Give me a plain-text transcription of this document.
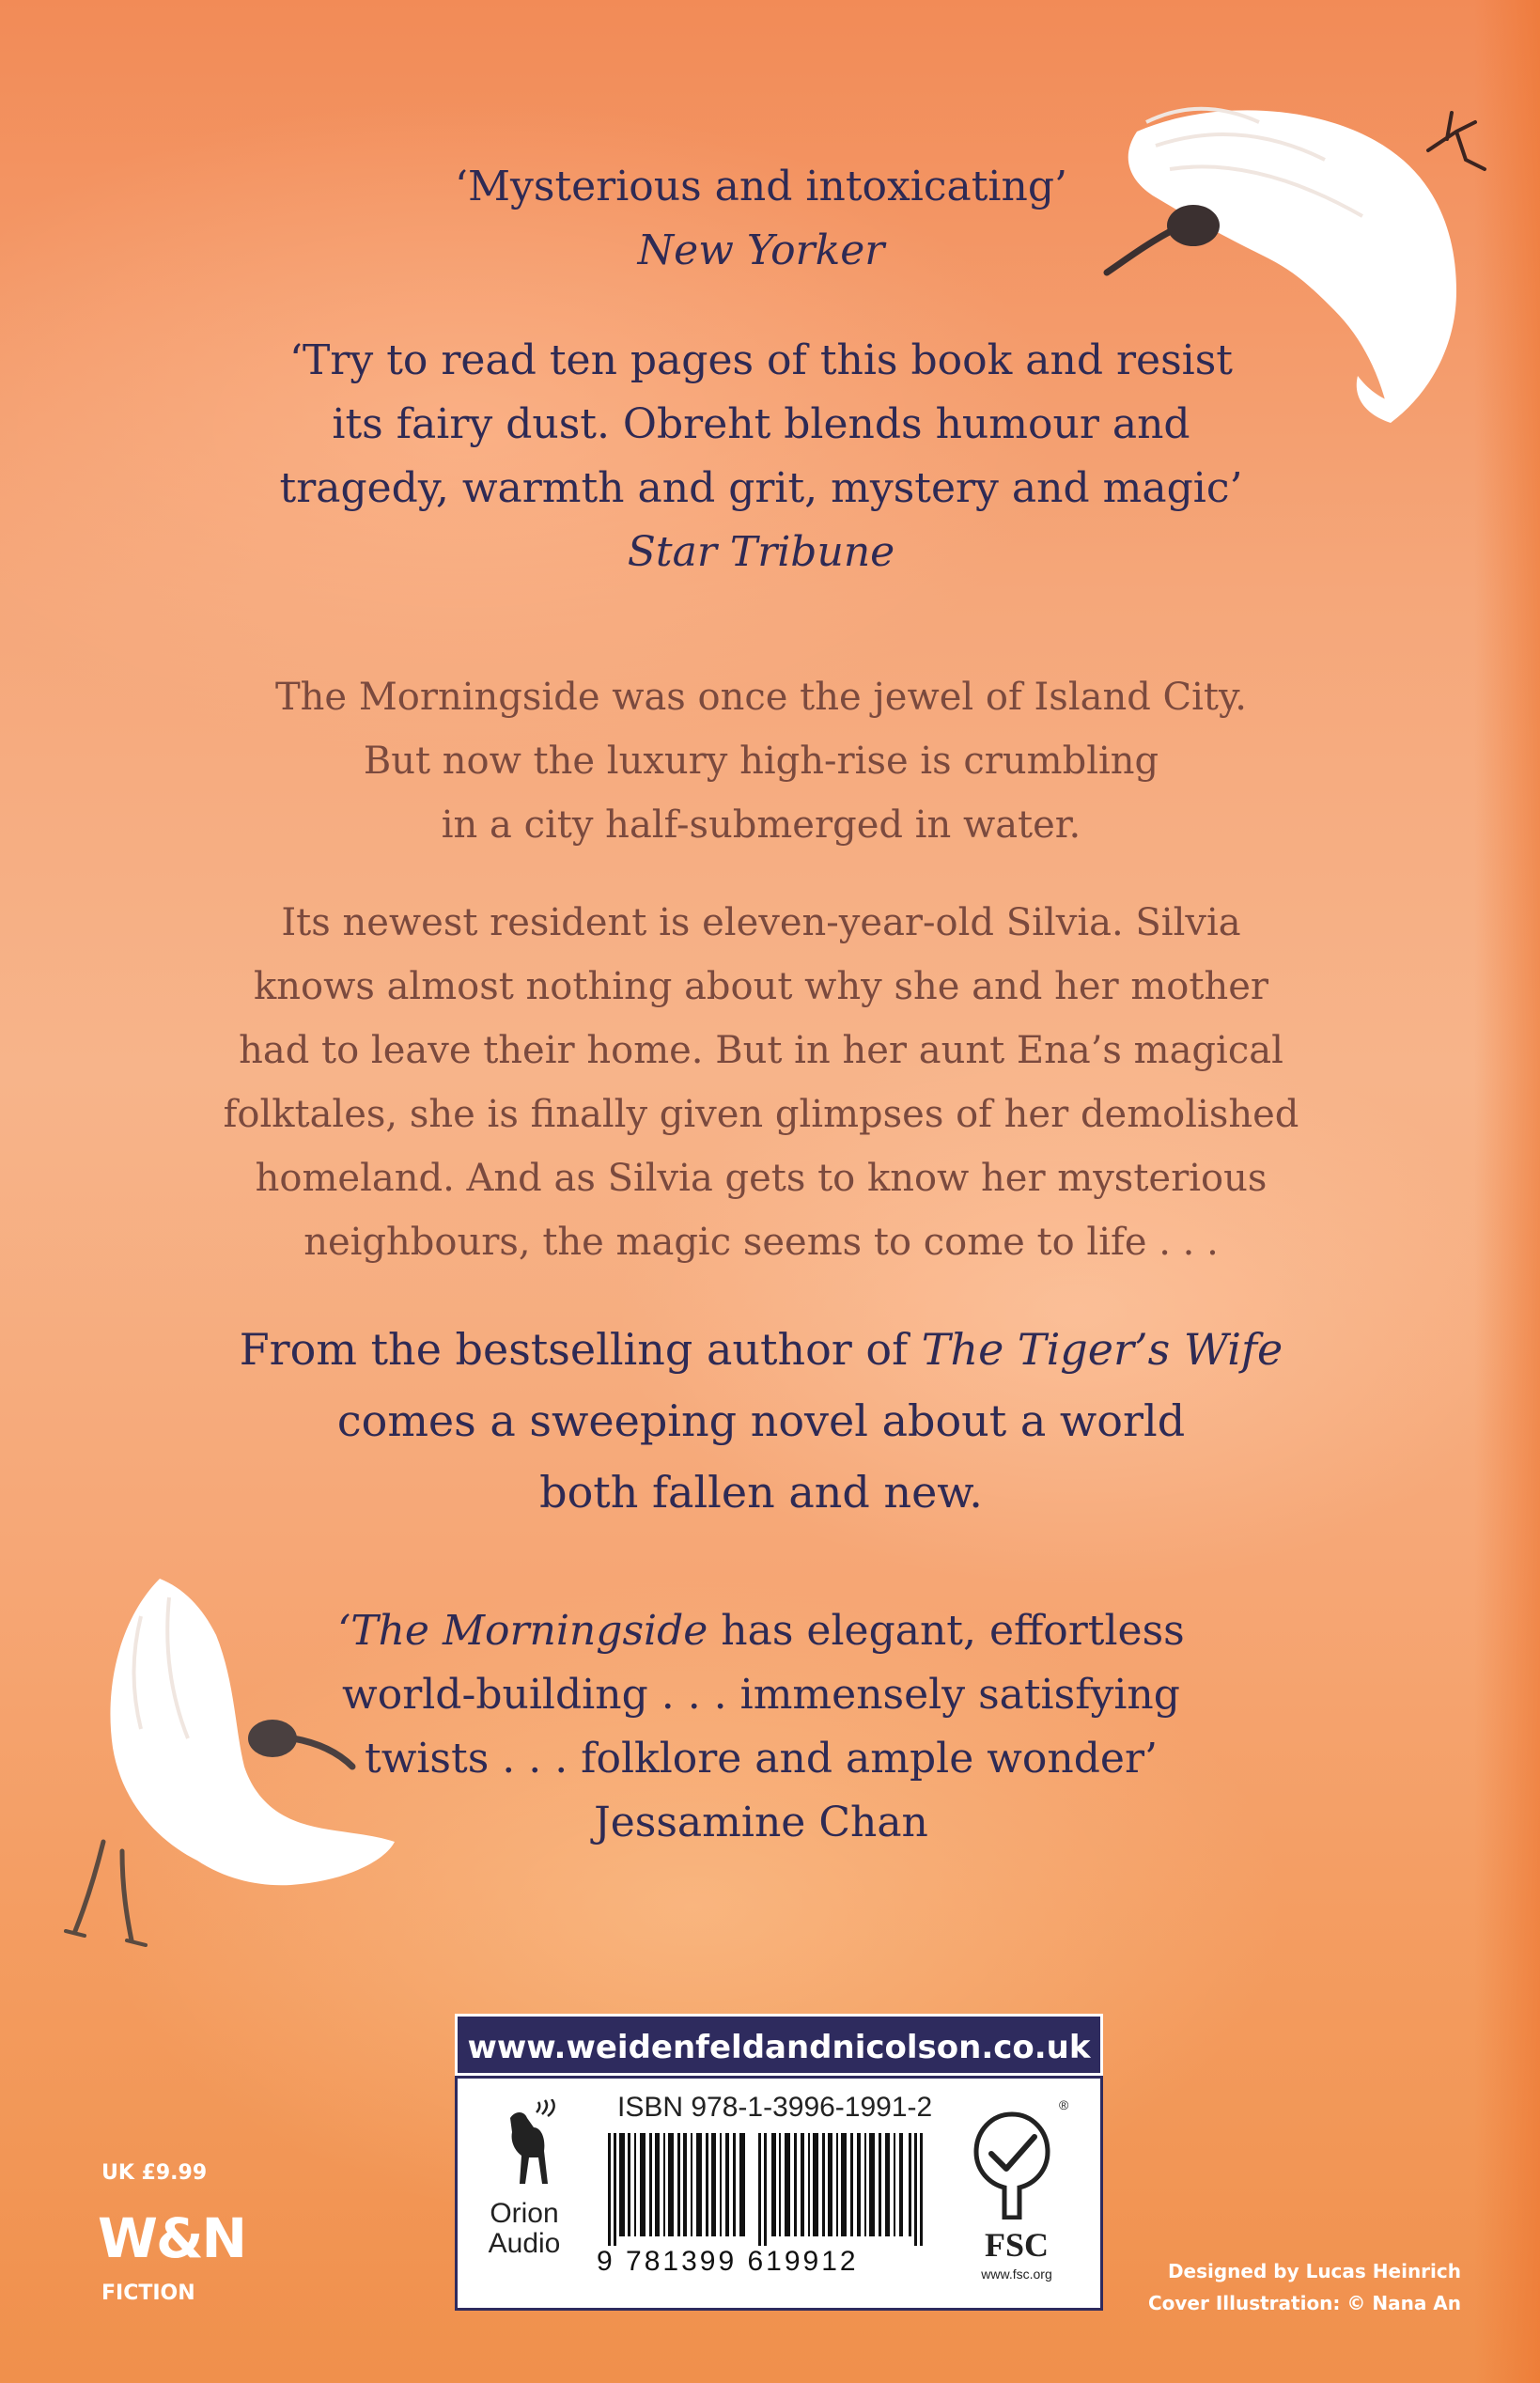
‘Mysterious and intoxicating’

New Yorker

‘Try to read ten pages of this book and resist

its fairy dust. Obreht blends humour and

tragedy, warmth and grit, mystery and magic’

Star Tribune

The Morningside was once the jewel of Island City.

But now the luxury high-rise is crumbling

in a city half-submerged in water.

Its newest resident is eleven-year-old Silvia. Silvia

knows almost nothing about why she and her mother

had to leave their home. But in her aunt Ena’s magical

folktales, she is finally given glimpses of her demolished

homeland. And as Silvia gets to know her mysterious

neighbours, the magic seems to come to life . . .

From the bestselling author of The Tiger’s Wife

comes a sweeping novel about a world

both fallen and new.

‘The Morningside has elegant, effortless

world-building . . . immensely satisfying

twists . . . folklore and ample wonder’

Jessamine Chan

www.weidenfeldandnicolson.co.uk
Orion
Audio
ISBN 978-1-3996-1991-2
9 781399 619912
®
FSC
www.fsc.org
UK £9.99
W&N
FICTION
Designed by Lucas Heinrich
Cover Illustration: © Nana An
